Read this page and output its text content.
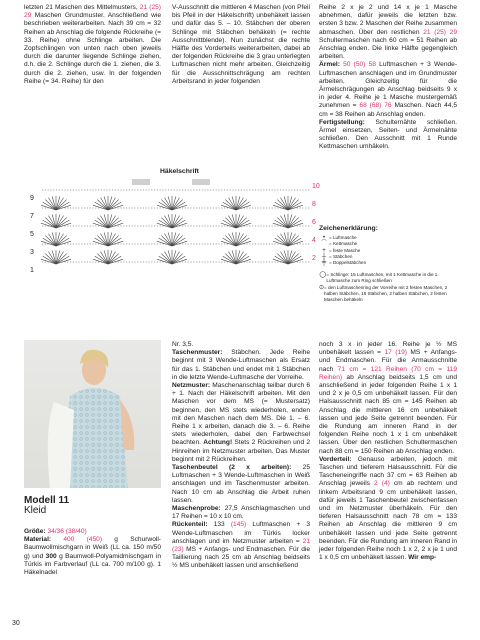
letzten 21 Maschen des Mittelmusters, 21 (25) 29 Maschen Grundmuster. Anschließend wie beschrieben weiterarbeiten. Nach 39 cm = 32 Reihen ab Anschlag die folgende Rückreihe (= 33. Reihe) ohne Schlinge arbeiten. Die Zopfschlingen von unten nach oben jeweils durch die darunter liegende Schlinge ziehen, d.h. die 2. Schlinge durch die 1. ziehen, die 3. durch die 2. ziehen, usw. In der folgenden Reihe (= 34. Reihe) für den

V-Ausschnitt die mittleren 4 Maschen (von Pfeil bis Pfeil in der Häkelschrift) unbehäkelt lassen und dafür das 5. – 10. Stäbchen der oberen Schlinge mit Stäbchen behäkeln (= rechte Ausschnittblende). Nun zunächst die rechte Hälfte des Vorderteils weiterarbeiten, dabei ab der folgenden Rückreihe die 3 grau unterlegten Luftmaschen nicht mehr arbeiten. Gleichzeitig für die Ausschnittschrägung am rechten Arbeitsrand in jeder folgenden

Reihe 2 x je 2 und 14 x je 1 Masche abnehmen, dafür jeweils die letzten bzw. ersten 3 bzw. 2 Maschen der Reihe zusammen abmaschen. Über den restlichen 21 (25) 29 Schultermaschen nach 60 cm = 51 Reihen ab Anschlag enden. Die linke Hälfte gegengleich arbeiten.

Ärmel: 50 (50) 58 Luftmaschen + 3 Wende-Luftmaschen anschlagen und im Grundmuster arbeiten. Gleichzeitig für die Ärmelschrägungen ab Anschlag beidseits 9 x in jeder 4. Reihe je 1 Masche mustergemäß zunehmen = 68 (68) 76 Maschen. Nach 44,5 cm = 38 Reihen ab Anschlag enden.

Fertigstellung: Schulternähte schließen. Ärmel einsetzen, Seiten- und Ärmelnähte schließen. Den Ausschnitt mit 1 Runde Kettmaschen umhäkeln.

Häkelschrift
10
8
6
4
2
9
7
5
3
1
Zeichenerklärung:
• = Luftmasche
⌒ = Kettmasche
+ = feste Masche
┼ = Stäbchen
╪ = Doppelstäbchen
◯ = Schlinge: 15 Luftmaschen, mit 1 Kettmasche in die 1. Luftmasche zum Ring schließen
⊙ = den Luftmaschenring der Vorreihe mit 2 festen Maschen, 2 halben Stäbchen, 16 Stäbchen, 2 halben Stäbchen, 2 festen Maschen behäkeln
Modell 11
Kleid

Größe: 34/36 (38/40)

Material: 400 (450) g Schurwoll-Baumwollmischgarn in Weiß (LL ca. 150 m/50 g) und 300 g Baumwoll-Polyamidmischgarn in Türkis im Farbverlauf (LL ca. 700 m/100 g). 1 Häkelnadel

Nr. 3,5.

Taschenmuster: Stäbchen. Jede Reihe beginnt mit 3 Wende-Luftmaschen als Ersatz für das 1. Stäbchen und endet mit 1 Stäbchen in die letzte Wende-Luftmasche der Vorreihe.

Netzmuster: Maschenanschlag teilbar durch 6 + 1. Nach der Häkelschrift arbeiten. Mit den Maschen vor dem MS (= Mustersatz) beginnen, den MS stets wiederholen, enden mit den Maschen nach dem MS. Die 1. – 6. Reihe 1 x arbeiten, danach die 3. – 6. Reihe stets wiederholen, dabei den Farbwechsel beachten. Achtung! Stets 2 Rückreihen und 2 Hinreihen im Netzmuster arbeiten. Das Muster beginnt mit 2 Rückreihen.

Taschenbeutel (2 x arbeiten): 25 Luftmaschen + 3 Wende-Luftmaschen in Weiß anschlagen und im Taschenmuster arbeiten. Nach 10 cm ab Anschlag die Arbeit ruhen lassen.

Maschenprobe: 27,5 Anschlagmaschen und 17 Reihen = 10 x 10 cm.

Rückenteil: 133 (145) Luftmaschen + 3 Wende-Luftmaschen im Türkis locker anschlagen und im Netzmuster arbeiten = 21 (23) MS + Anfangs- und Endmaschen. Für die Taillierung nach 25 cm ab Anschlag beidseits ½ MS unbehäkelt lassen und anschließend

noch 3 x in jeder 16. Reihe je ½ MS unbehäkelt lassen = 17 (19) MS + Anfangs- und Endmaschen. Für die Armausschnitte nach 71 cm = 121 Reihen (70 cm = 119 Reihen) ab Anschlag beidseits 1,5 cm und anschließend in jeder folgenden Reihe 1 x 1 und 2 x je 0,5 cm unbehäkelt lassen. Für den Halsausschnitt nach 85 cm = 145 Reihen ab Anschlag die mittleren 16 cm unbehäkelt lassen und jede Seite getrennt beenden. Für die Rundung am inneren Rand in der folgenden Reihe noch 1 x 1 cm unbehäkelt lassen. Über den restlichen Schultermaschen nach 88 cm = 150 Reihen ab Anschlag enden.

Vorderteil: Genauso arbeiten, jedoch mit Taschen und tieferem Halsausschnitt. Für die Tascheneingriffe nach 37 cm = 63 Reihen ab Anschlag jeweils 2 (4) cm ab rechtem und linkem Arbeitsrand 9 cm unbehäkelt lassen, dafür jeweils 1 Taschenbeutel zwischenfassen und im Netzmuster überhäkeln. Für den tieferen Halsausschnitt nach 78 cm = 133 Reihen ab Anschlag die mittleren 9 cm unbehäkelt lassen und jede Seite getrennt beenden. Für die Rundung am inneren Rand in jeder folgenden Reihe noch 1 x 2, 2 x je 1 und 1 x 0,5 cm unbehäkelt lassen. Wir emp-

30
